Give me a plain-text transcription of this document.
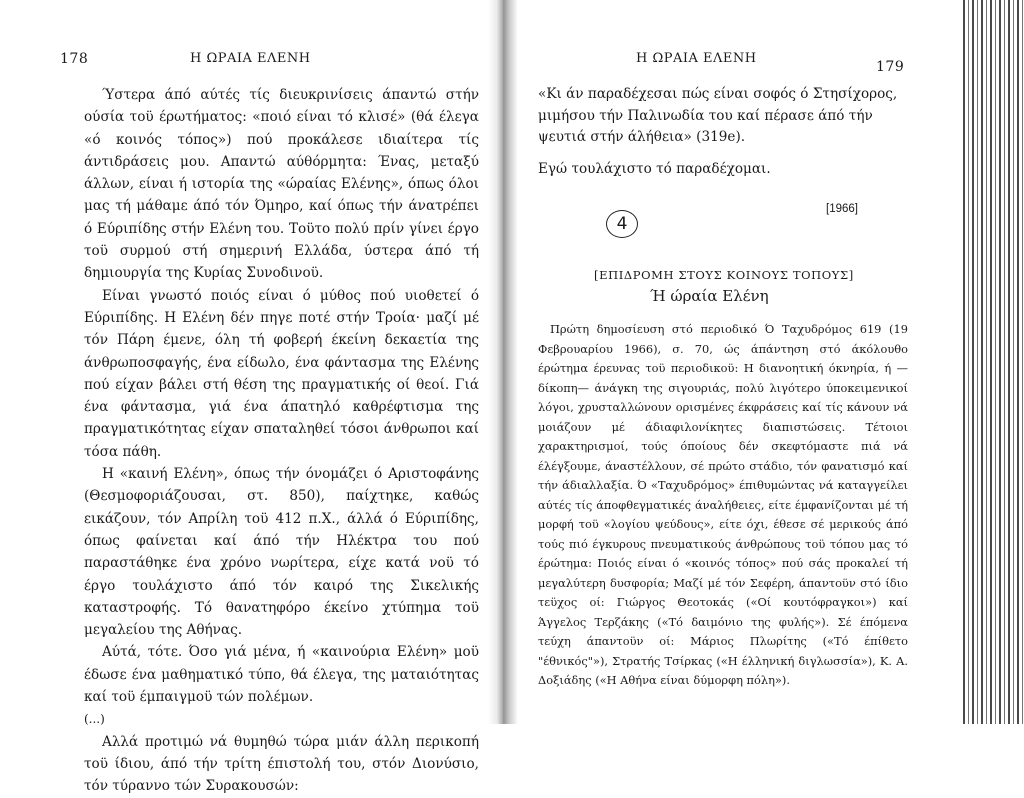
178	Η ΩΡΑΙΑ ΕΛΕΝΗ

Ύστερα άπό αύτές τίς διευκρινίσεις άπαντώ στήν ούσία τοϋ έρωτήματος: «ποιό είναι τό κλισέ» (θά έλεγα «ό κοινός τόπος») πού προκάλεσε ιδιαίτερα τίς άντιδράσεις μου. Απαντώ αύθόρμητα: Ένας, μεταξύ άλλων, είναι ή ιστορία της «ώραίας Ελένης», όπως όλοι μας τή μάθαμε άπό τόν Όμηρο, καί όπως τήν άνατρέπει ό Εύριπίδης στήν Ελένη του. Τοϋτο πολύ πρίν γίνει έργο τοϋ συρμού στή σημερινή Ελλάδα, ύστερα άπό τή δημιουργία της Κυρίας Συνοδινοϋ.

Είναι γνωστό ποιός είναι ό μύθος πού υιοθετεί ό Εύριπίδης. Η Ελένη δέν πηγε ποτέ στήν Τροία· μαζί μέ τόν Πάρη έμενε, όλη τή φοβερή έκείνη δεκαετία της άνθρωποσφαγής, ένα είδωλο, ένα φάντασμα της Ελένης πού είχαν βάλει στή θέση της πραγματικής οί θεοί. Γιά ένα φάντασμα, γιά ένα άπατηλό καθρέφτισμα της πραγματικότητας είχαν σπαταληθεί τόσοι άνθρωποι καί τόσα πάθη.

Η «καινή Ελένη», όπως τήν όνομάζει ό Αριστοφάνης (Θεσμοφοριάζουσαι, στ. 850), παίχτηκε, καθώς εικάζουν, τόν Απρίλη τοϋ 412 π.Χ., άλλά ό Εύριπίδης, όπως φαίνεται καί άπό τήν Ηλέκτρα του πού παραστάθηκε ένα χρόνο νωρίτερα, είχε κατά νοϋ τό έργο τουλάχιστο άπό τόν καιρό της Σικελικής καταστροφής. Τό θανατηφόρο έκείνο χτύπημα τοϋ μεγαλείου της Αθήνας.

Αύτά, τότε. Όσο γιά μένα, ή «καινούρια Ελένη» μοϋ έδωσε ένα μαθηματικό τύπο, θά έλεγα, της ματαιότητας καί τοϋ έμπαιγμοϋ τών πολέμων.

(...)

Αλλά προτιμώ νά θυμηθώ τώρα μιάν άλλη περικοπή τοϋ ίδιου, άπό τήν τρίτη έπιστολή του, στόν Διονύσιο, τόν τύραννο τών Συρακουσών:

Η ΩΡΑΙΑ ΕΛΕΝΗ
179

«Κι άν παραδέχεσαι πώς είναι σοφός ό Στησίχορος, μιμήσου τήν Παλινωδία του καί πέρασε άπό τήν ψευτιά στήν άλήθεια» (319e).

Εγώ τουλάχιστο τό παραδέχομαι.

4
[1966]
[ΕΠΙΔΡΟΜΗ ΣΤΟΥΣ ΚΟΙΝΟΥΣ ΤΟΠΟΥΣ]
Ή ώραία Ελένη

Πρώτη δημοσίευση στό περιοδικό Ό Ταχυδρόμος 619 (19 Φεβρουαρίου 1966), σ. 70, ώς άπάντηση στό άκόλουθο έρώτημα έρευνας τοϋ περιοδικοϋ: Η διανοητική όκνηρία, ή —δίκοπη— άνάγκη της σιγουριάς, πολύ λιγότερο ύποκειμενικοί λόγοι, χρυσταλλώνουν ορισμένες έκφράσεις καί τίς κάνουν νά μοιάζουν μέ άδιαφιλονίκητες διαπιστώσεις. Τέτοιοι χαρακτηρισμοί, τούς όποίους δέν σκεφτόμαστε πιά νά έλέγξουμε, άναστέλλουν, σέ πρώτο στάδιο, τόν φανατισμό καί τήν άδιαλλαξία. Ό «Ταχυδρόμος» έπιθυμώντας νά καταγγείλει αύτές τίς άποφθεγματικές άναλήθειες, είτε έμφανίζονται μέ τή μορφή τοϋ «λογίου ψεύδους», είτε όχι, έθεσε σέ μερικούς άπό τούς πιό έγκυρους πνευματικούς άνθρώπους τοϋ τόπου μας τό έρώτημα: Ποιός είναι ό «κοινός τόπος» πού σάς προκαλεί τή μεγαλύτερη δυσφορία; Μαζί μέ τόν Σεφέρη, άπαντοϋν στό ίδιο τεϋχος οί: Γιώργος Θεοτοκάς («Οί κουτόφραγκοι») καί Άγγελος Τερζάκης («Τό δαιμόνιο της φυλής»). Σέ έπόμενα τεύχη άπαντοϋν οί: Μάριος Πλωρίτης («Τό έπίθετο "έθνικός"»), Στρατής Τσίρκας («Η έλληνική διγλωσσία»), Κ. Α. Δοξιάδης («Η Αθήνα είναι δύμορφη πόλη»).
